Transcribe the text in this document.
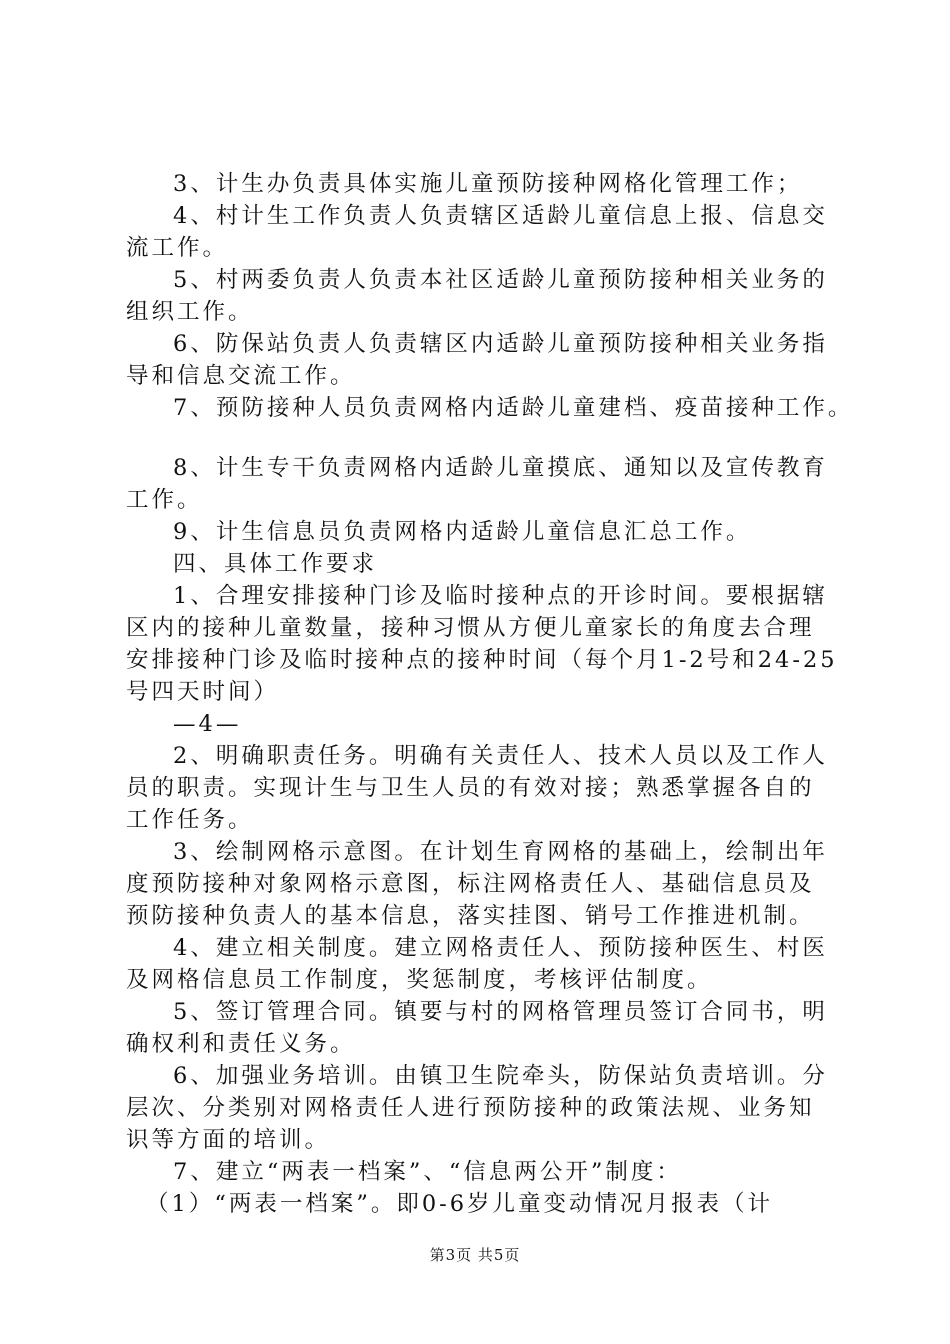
3、计生办负责具体实施儿童预防接种网格化管理工作；
4、村计生工作负责人负责辖区适龄儿童信息上报、信息交
流工作。
5、村两委负责人负责本社区适龄儿童预防接种相关业务的
组织工作。
6、防保站负责人负责辖区内适龄儿童预防接种相关业务指
导和信息交流工作。
7、预防接种人员负责网格内适龄儿童建档、疫苗接种工作。
8、计生专干负责网格内适龄儿童摸底、通知以及宣传教育
工作。
9、计生信息员负责网格内适龄儿童信息汇总工作。
四、具体工作要求
1、合理安排接种门诊及临时接种点的开诊时间。要根据辖
区内的接种儿童数量，接种习惯从方便儿童家长的角度去合理
安排接种门诊及临时接种点的接种时间（每个月1-2号和24-25
号四天时间）
—4—
2、明确职责任务。明确有关责任人、技术人员以及工作人
员的职责。实现计生与卫生人员的有效对接；熟悉掌握各自的
工作任务。
3、绘制网格示意图。在计划生育网格的基础上，绘制出年
度预防接种对象网格示意图，标注网格责任人、基础信息员及
预防接种负责人的基本信息，落实挂图、销号工作推进机制。
4、建立相关制度。建立网格责任人、预防接种医生、村医
及网格信息员工作制度，奖惩制度，考核评估制度。
5、签订管理合同。镇要与村的网格管理员签订合同书，明
确权利和责任义务。
6、加强业务培训。由镇卫生院牵头，防保站负责培训。分
层次、分类别对网格责任人进行预防接种的政策法规、业务知
识等方面的培训。
7、建立“两表一档案”、“信息两公开”制度：
（1）“两表一档案”。即0-6岁儿童变动情况月报表（计
第3页 共5页
